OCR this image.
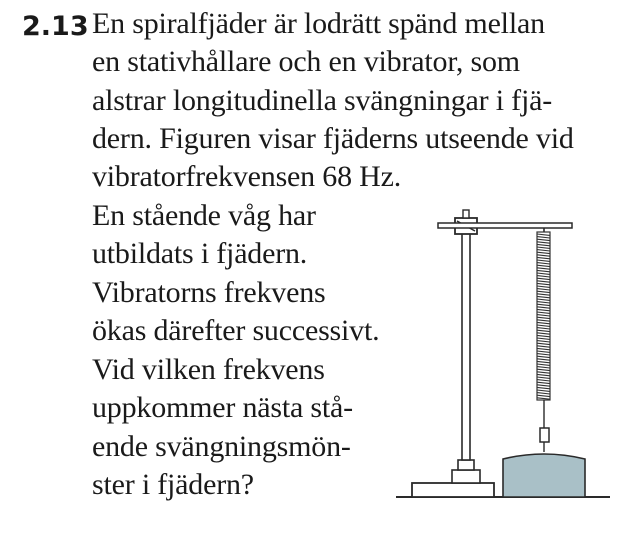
2.13 En spiralfjäder är lodrätt spänd mellan
en stativhållare och en vibrator, som
alstrar longitudinella svängningar i fjä-
dern. Figuren visar fjäderns utseende vid
vibratorfrekvensen 68 Hz.
En stående våg har
utbildats i fjädern.
Vibratorns frekvens
ökas därefter successivt.
Vid vilken frekvens
uppkommer nästa stå-
ende svängningsmön-
ster i fjädern?
